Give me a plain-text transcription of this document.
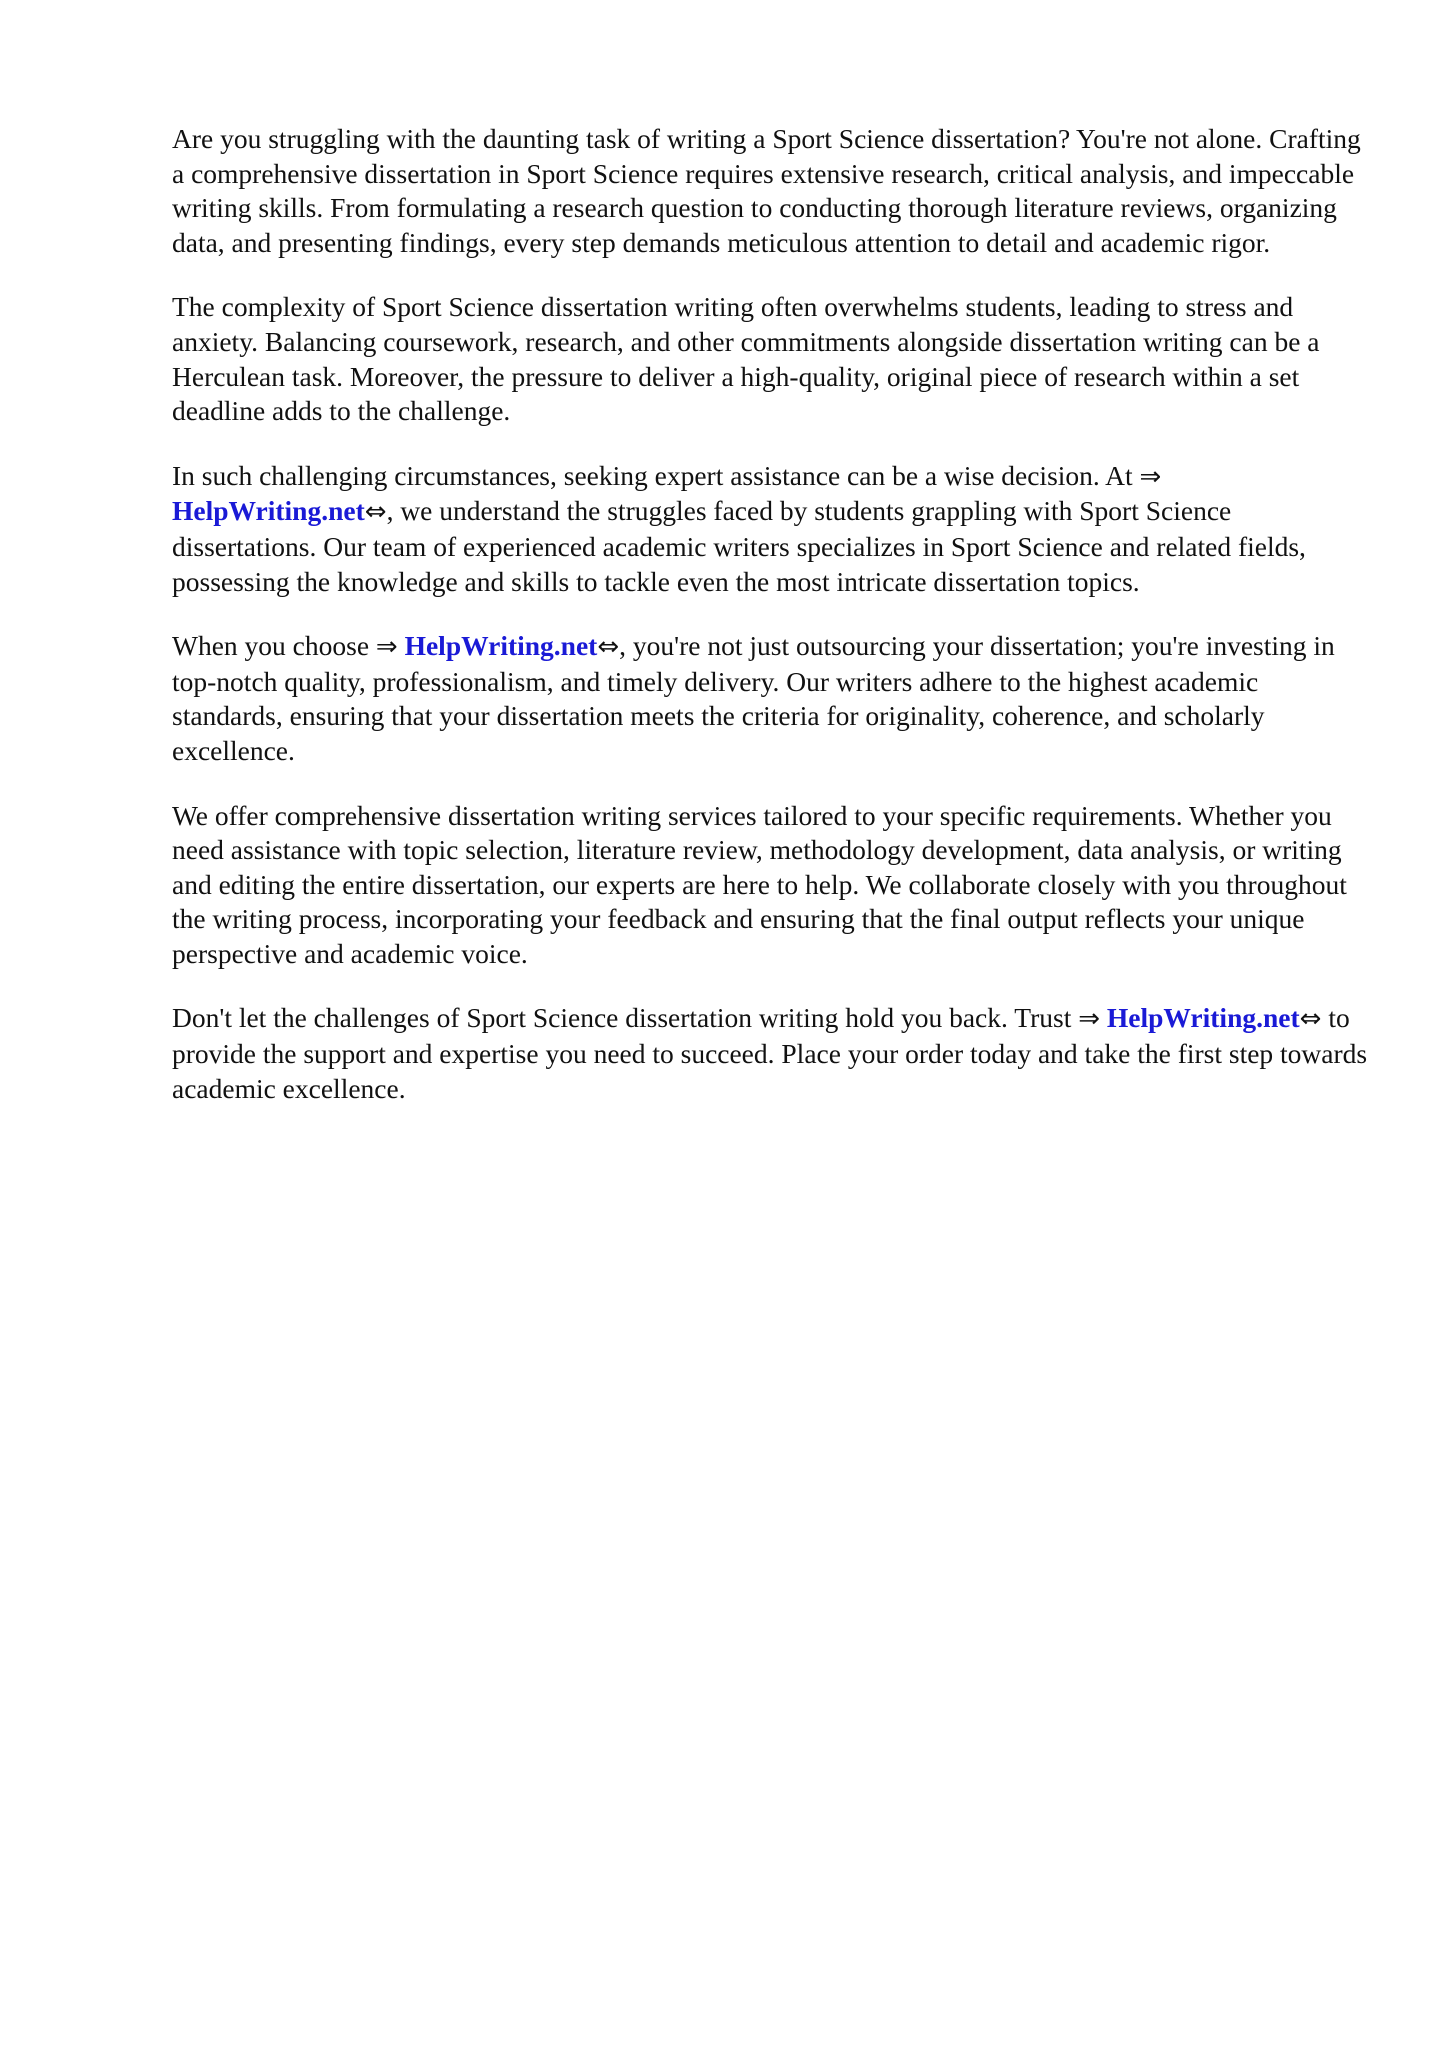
Are you struggling with the daunting task of writing a Sport Science dissertation? You're not alone. Crafting a comprehensive dissertation in Sport Science requires extensive research, critical analysis, and impeccable writing skills. From formulating a research question to conducting thorough literature reviews, organizing data, and presenting findings, every step demands meticulous attention to detail and academic rigor.

The complexity of Sport Science dissertation writing often overwhelms students, leading to stress and anxiety. Balancing coursework, research, and other commitments alongside dissertation writing can be a Herculean task. Moreover, the pressure to deliver a high-quality, original piece of research within a set deadline adds to the challenge.

In such challenging circumstances, seeking expert assistance can be a wise decision. At ⇒ HelpWriting.net⇔, we understand the struggles faced by students grappling with Sport Science dissertations. Our team of experienced academic writers specializes in Sport Science and related fields, possessing the knowledge and skills to tackle even the most intricate dissertation topics.

When you choose ⇒ HelpWriting.net⇔, you're not just outsourcing your dissertation; you're investing in top-notch quality, professionalism, and timely delivery. Our writers adhere to the highest academic standards, ensuring that your dissertation meets the criteria for originality, coherence, and scholarly excellence.

We offer comprehensive dissertation writing services tailored to your specific requirements. Whether you need assistance with topic selection, literature review, methodology development, data analysis, or writing and editing the entire dissertation, our experts are here to help. We collaborate closely with you throughout the writing process, incorporating your feedback and ensuring that the final output reflects your unique perspective and academic voice.

Don't let the challenges of Sport Science dissertation writing hold you back. Trust ⇒ HelpWriting.net⇔ to provide the support and expertise you need to succeed. Place your order today and take the first step towards academic excellence.
